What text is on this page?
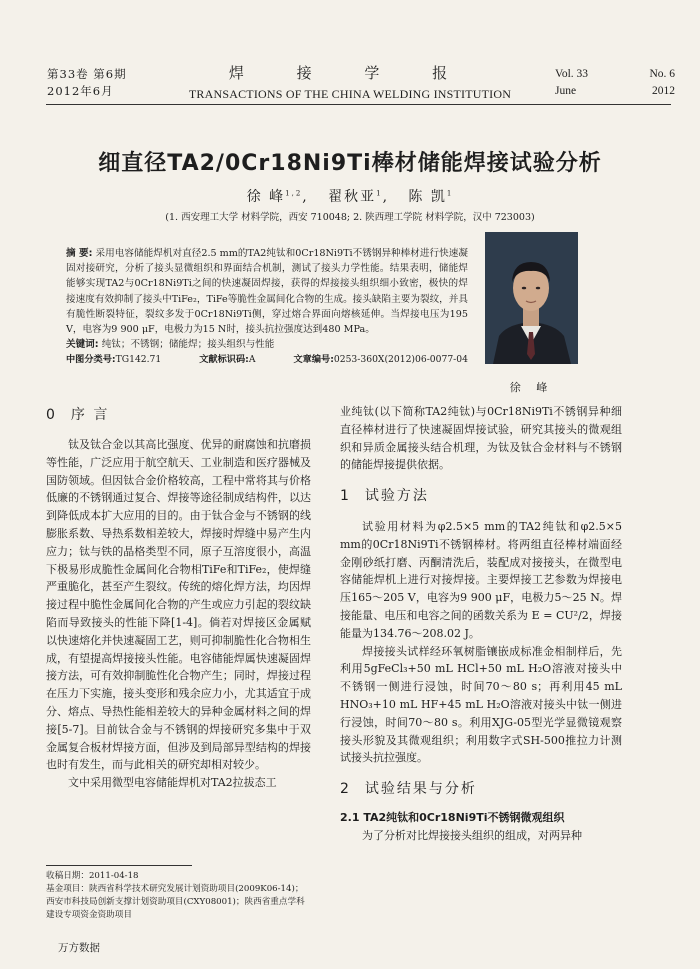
第33卷 第6期
2012年6月
焊 接 学 报
TRANSACTIONS OF THE CHINA WELDING INSTITUTION
Vol. 33	No. 6
June	2012
细直径TA2/0Cr18Ni9Ti棒材储能焊接试验分析
徐 峰$^{1,2}$,   翟秋亚$^1$,   陈 凯$^1$
(1. 西安理工大学 材料学院，西安 710048; 2. 陕西理工学院 材料学院，汉中 723003)
摘 要: 采用电容储能焊机对直径2.5 mm的TA2纯钛和0Cr18Ni9Ti不锈钢异种棒材进行快速凝固对接研究，分析了接头显微组织和界面结合机制，测试了接头力学性能。结果表明，储能焊能够实现TA2与0Cr18Ni9Ti之间的快速凝固焊接，获得的焊接接头组织细小致密，极快的焊接速度有效抑制了接头中TiFe₂，TiFe等脆性金属间化合物的生成。接头缺陷主要为裂纹，并具有脆性断裂特征，裂纹多发于0Cr18Ni9Ti侧，穿过熔合界面向熔核延伸。当焊接电压为195 V，电容为9 900 μF，电极力为15 N时，接头抗拉强度达到480 MPa。
关键词: 纯钛；不锈钢；储能焊；接头组织与性能
中图分类号:TG142.71	文献标识码:A	文章编号:0253-360X(2012)06-0077-04
徐 峰
0 序 言

钛及钛合金以其高比强度、优异的耐腐蚀和抗磨损等性能，广泛应用于航空航天、工业制造和医疗器械及国防领域。但因钛合金价格较高，工程中常将其与价格低廉的不锈钢通过复合、焊接等途径制成结构件，以达到降低成本扩大应用的目的。由于钛合金与不锈钢的线膨胀系数、导热系数相差较大，焊接时焊缝中易产生内应力；钛与铁的晶格类型不同，原子互溶度很小，高温下极易形成脆性金属间化合物相TiFe和TiFe₂，使焊缝严重脆化，甚至产生裂纹。传统的熔化焊方法，均因焊接过程中脆性金属间化合物的产生或应力引起的裂纹缺陷而导致接头的性能下降[1-4]。倘若对焊接区金属赋以快速熔化并快速凝固工艺，则可抑制脆性化合物相生成，有望提高焊接接头性能。电容储能焊属快速凝固焊接方法，可有效抑制脆性化合物产生；同时，焊接过程在压力下实施，接头变形和残余应力小，尤其适宜于成分、熔点、导热性能相差较大的异种金属材料之间的焊接[5-7]。目前钛合金与不锈钢的焊接研究多集中于双金属复合板材焊接方面，但涉及到局部异型结构的焊接也时有发生，而与此相关的研究却相对较少。

文中采用微型电容储能焊机对TA2拉拔态工

收稿日期：2011-04-18
基金项目：陕西省科学技术研究发展计划资助项目(2009K06-14)；西安市科技局创新支撑计划资助项目(CXY08001)；陕西省重点学科建设专项资金资助项目
业纯钛(以下简称TA2纯钛)与0Cr18Ni9Ti不锈钢异种细直径棒材进行了快速凝固焊接试验，研究其接头的微观组织和异质金属接头结合机理，为钛及钛合金材料与不锈钢的储能焊接提供依据。
1 试验方法

试验用材料为φ2.5×5 mm的TA2纯钛和φ2.5×5 mm的0Cr18Ni9Ti不锈钢棒材。将两组直径棒材端面经金刚砂纸打磨、丙酮清洗后，装配成对接接头，在微型电容储能焊机上进行对接焊接。主要焊接工艺参数为焊接电压165～205 V，电容为9 900 μF，电极力5～25 N。焊接能量、电压和电容之间的函数关系为 E = CU²/2，焊接能量为134.76～208.02 J。

焊接接头试样经环氧树脂镶嵌成标准金相制样后，先利用5gFeCl₃+50 mL HCl+50 mL H₂O溶液对接头中不锈钢一侧进行浸蚀，时间70～80 s；再利用45 mL HNO₃+10 mL HF+45 mL H₂O溶液对接头中钛一侧进行浸蚀，时间70～80 s。利用XJG-05型光学显微镜观察接头形貌及其微观组织；利用数字式SH-500推拉力计测试接头抗拉强度。

2 试验结果与分析
2.1 TA2纯钛和0Cr18Ni9Ti不锈钢微观组织

为了分析对比焊接接头组织的组成，对两异种

万方数据
